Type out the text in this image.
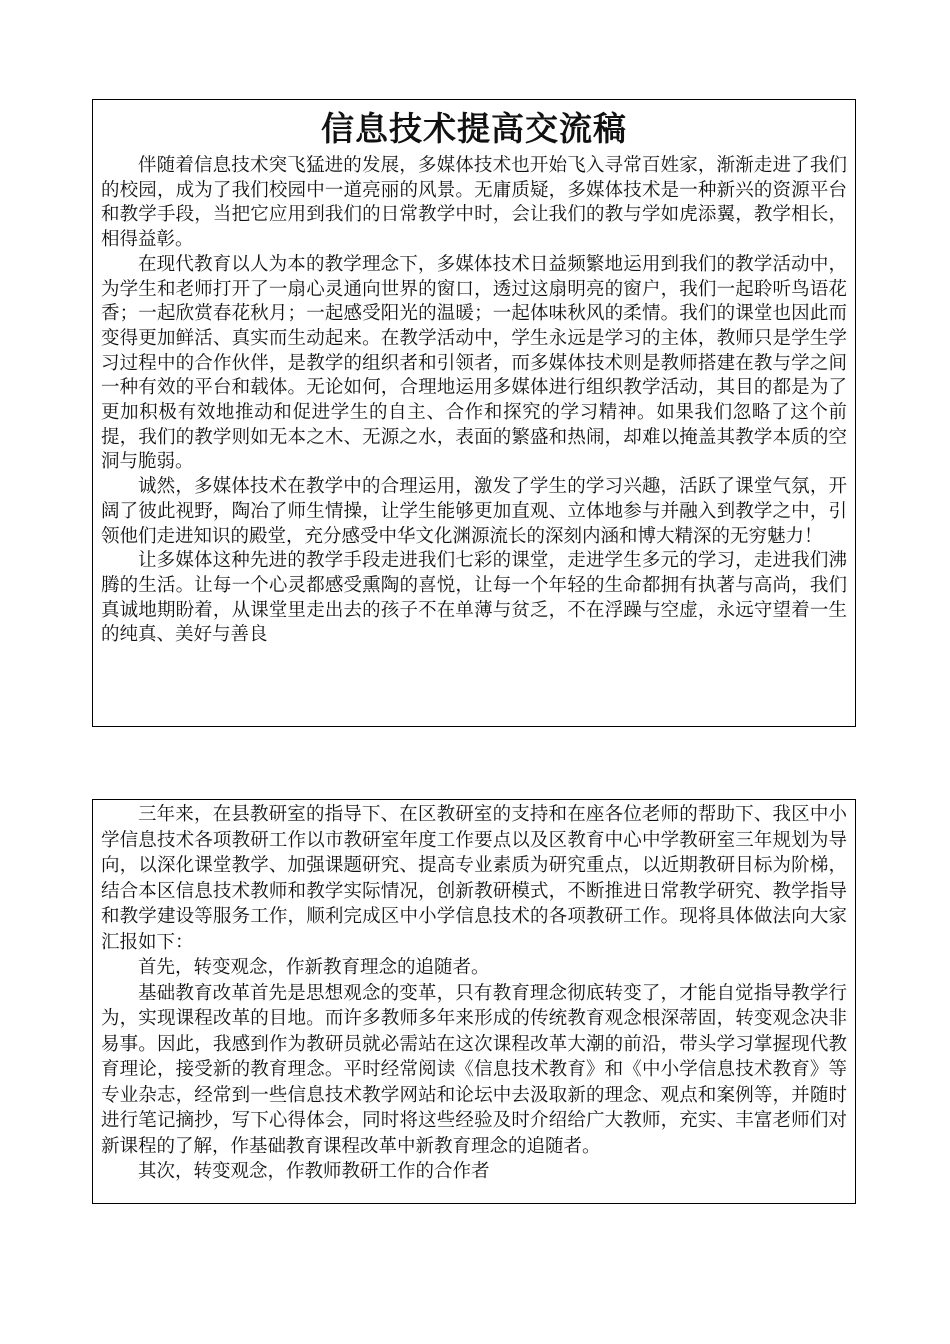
信息技术提高交流稿

伴随着信息技术突飞猛进的发展，多媒体技术也开始飞入寻常百姓家，渐渐走进了我们的校园，成为了我们校园中一道亮丽的风景。无庸质疑，多媒体技术是一种新兴的资源平台和教学手段，当把它应用到我们的日常教学中时，会让我们的教与学如虎添翼，教学相长，相得益彰。

在现代教育以人为本的教学理念下，多媒体技术日益频繁地运用到我们的教学活动中，为学生和老师打开了一扇心灵通向世界的窗口，透过这扇明亮的窗户，我们一起聆听鸟语花香；一起欣赏春花秋月；一起感受阳光的温暖；一起体味秋风的柔情。我们的课堂也因此而变得更加鲜活、真实而生动起来。在教学活动中，学生永远是学习的主体，教师只是学生学习过程中的合作伙伴，是教学的组织者和引领者，而多媒体技术则是教师搭建在教与学之间一种有效的平台和载体。无论如何，合理地运用多媒体进行组织教学活动，其目的都是为了更加积极有效地推动和促进学生的自主、合作和探究的学习精神。如果我们忽略了这个前提，我们的教学则如无本之木、无源之水，表面的繁盛和热闹，却难以掩盖其教学本质的空洞与脆弱。

诚然，多媒体技术在教学中的合理运用，激发了学生的学习兴趣，活跃了课堂气氛，开阔了彼此视野，陶冶了师生情操，让学生能够更加直观、立体地参与并融入到教学之中，引领他们走进知识的殿堂，充分感受中华文化渊源流长的深刻内涵和博大精深的无穷魅力！

让多媒体这种先进的教学手段走进我们七彩的课堂，走进学生多元的学习，走进我们沸腾的生活。让每一个心灵都感受熏陶的喜悦，让每一个年轻的生命都拥有执著与高尚，我们真诚地期盼着，从课堂里走出去的孩子不在单薄与贫乏，不在浮躁与空虚，永远守望着一生的纯真、美好与善良

三年来，在县教研室的指导下、在区教研室的支持和在座各位老师的帮助下、我区中小学信息技术各项教研工作以市教研室年度工作要点以及区教育中心中学教研室三年规划为导向，以深化课堂教学、加强课题研究、提高专业素质为研究重点，以近期教研目标为阶梯，结合本区信息技术教师和教学实际情况，创新教研模式，不断推进日常教学研究、教学指导和教学建设等服务工作，顺利完成区中小学信息技术的各项教研工作。现将具体做法向大家汇报如下：

首先，转变观念，作新教育理念的追随者。

基础教育改革首先是思想观念的变革，只有教育理念彻底转变了，才能自觉指导教学行为，实现课程改革的目地。而许多教师多年来形成的传统教育观念根深蒂固，转变观念决非易事。因此，我感到作为教研员就必需站在这次课程改革大潮的前沿，带头学习掌握现代教育理论，接受新的教育理念。平时经常阅读《信息技术教育》和《中小学信息技术教育》等专业杂志，经常到一些信息技术教学网站和论坛中去汲取新的理念、观点和案例等，并随时进行笔记摘抄，写下心得体会，同时将这些经验及时介绍给广大教师，充实、丰富老师们对新课程的了解，作基础教育课程改革中新教育理念的追随者。

其次，转变观念，作教师教研工作的合作者
